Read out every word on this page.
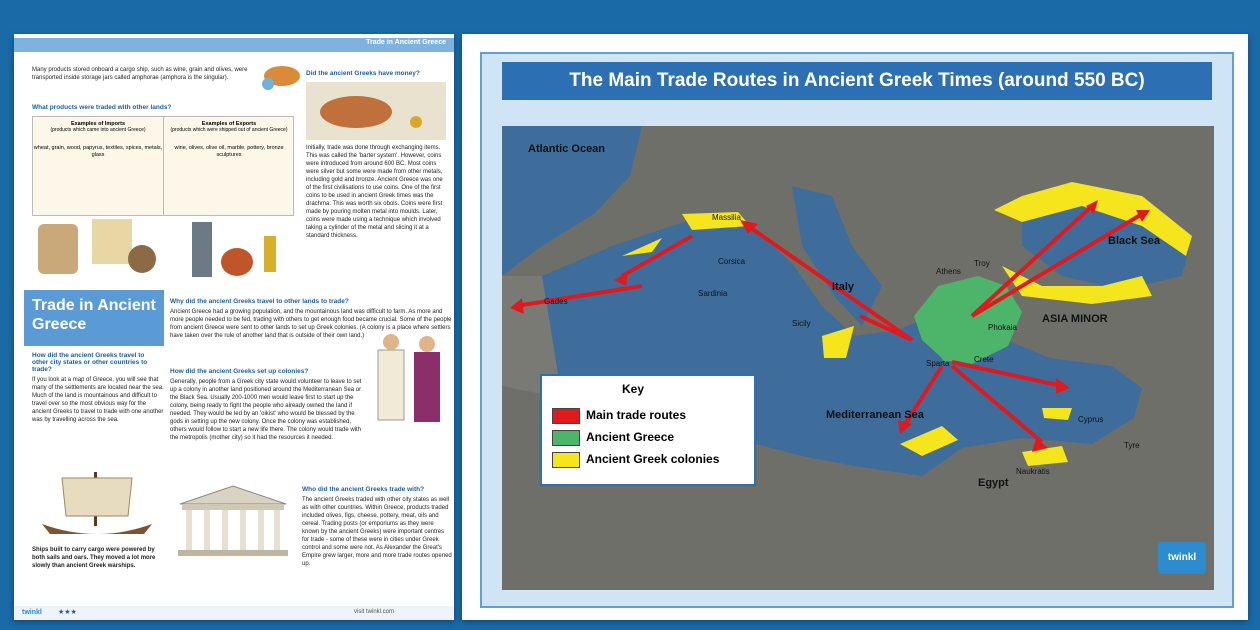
Trade in Ancient Greece
Many products stored onboard a cargo ship, such as wine, grain and olives, were transported inside storage jars called amphorae (amphora is the singular).
What products were traded with other lands?
Examples of Imports
(products which came into ancient Greece)
wheat, grain, wood, papyrus, textiles, spices, metals, glass
Examples of Exports
(products which were shipped out of ancient Greece)
wine, olives, olive oil, marble, pottery, bronze sculptures
Did the ancient Greeks have money?
Initially, trade was done through exchanging items. This was called the 'barter system'. However, coins were introduced from around 600 BC. Most coins were silver but some were made from other metals, including gold and bronze. Ancient Greece was one of the first civilisations to use coins. One of the first coins to be used in ancient Greek times was the drachma. This was worth six obols. Coins were first made by pouring molten metal into moulds. Later, coins were made using a technique which involved taking a cylinder of the metal and slicing it at a standard thickness.
Trade in Ancient Greece
How did the ancient Greeks travel to other city states or other countries to trade?
If you look at a map of Greece, you will see that many of the settlements are located near the sea. Much of the land is mountainous and difficult to travel over so the most obvious way for the ancient Greeks to travel to trade with one another was by travelling across the sea.
Ships built to carry cargo were powered by both sails and oars. They moved a lot more slowly than ancient Greek warships.
Why did the ancient Greeks travel to other lands to trade?
Ancient Greece had a growing population, and the mountainous land was difficult to farm. As more and more people needed to be fed, trading with others to get enough food became crucial. Some of the people from ancient Greece were sent to other lands to set up Greek colonies. (A colony is a place where settlers have taken over the rule of another land that is outside of their own land.)
How did the ancient Greeks set up colonies?
Generally, people from a Greek city state would volunteer to leave to set up a colony in another land positioned around the Mediterranean Sea or the Black Sea. Usually 200-1000 men would leave first to start up the colony, being ready to fight the people who already owned the land if needed. They would be led by an 'oikist' who would be blessed by the gods in setting up the new colony. Once the colony was established, others would follow to start a new life there. The colony would trade with the metropolis (mother city) so it had the resources it needed.
Who did the ancient Greeks trade with?
The ancient Greeks traded with other city states as well as with other countries. Within Greece, products traded included olives, figs, cheese, pottery, meat, oils and cereal. Trading posts (or emporiums as they were known by the ancient Greeks) were important centres for trade - some of these were in cities under Greek control and some were not. As Alexander the Great's Empire grew larger, more and more trade routes opened up.
twinkl ★★★	visit twinkl.com
The Main Trade Routes in Ancient Greek Times (around 550 BC)
Atlantic Ocean
Black Sea
ASIA MINOR
Mediterranean Sea
Egypt
Massilia
Corsica
Sardinia
Sicily
Italy
Gades
Athens
Troy
Phokaia
Sparta	Crete
Cyprus
Tyre
Naukratis
Key
Main trade routes
Ancient Greece
Ancient Greek colonies
twinkl
